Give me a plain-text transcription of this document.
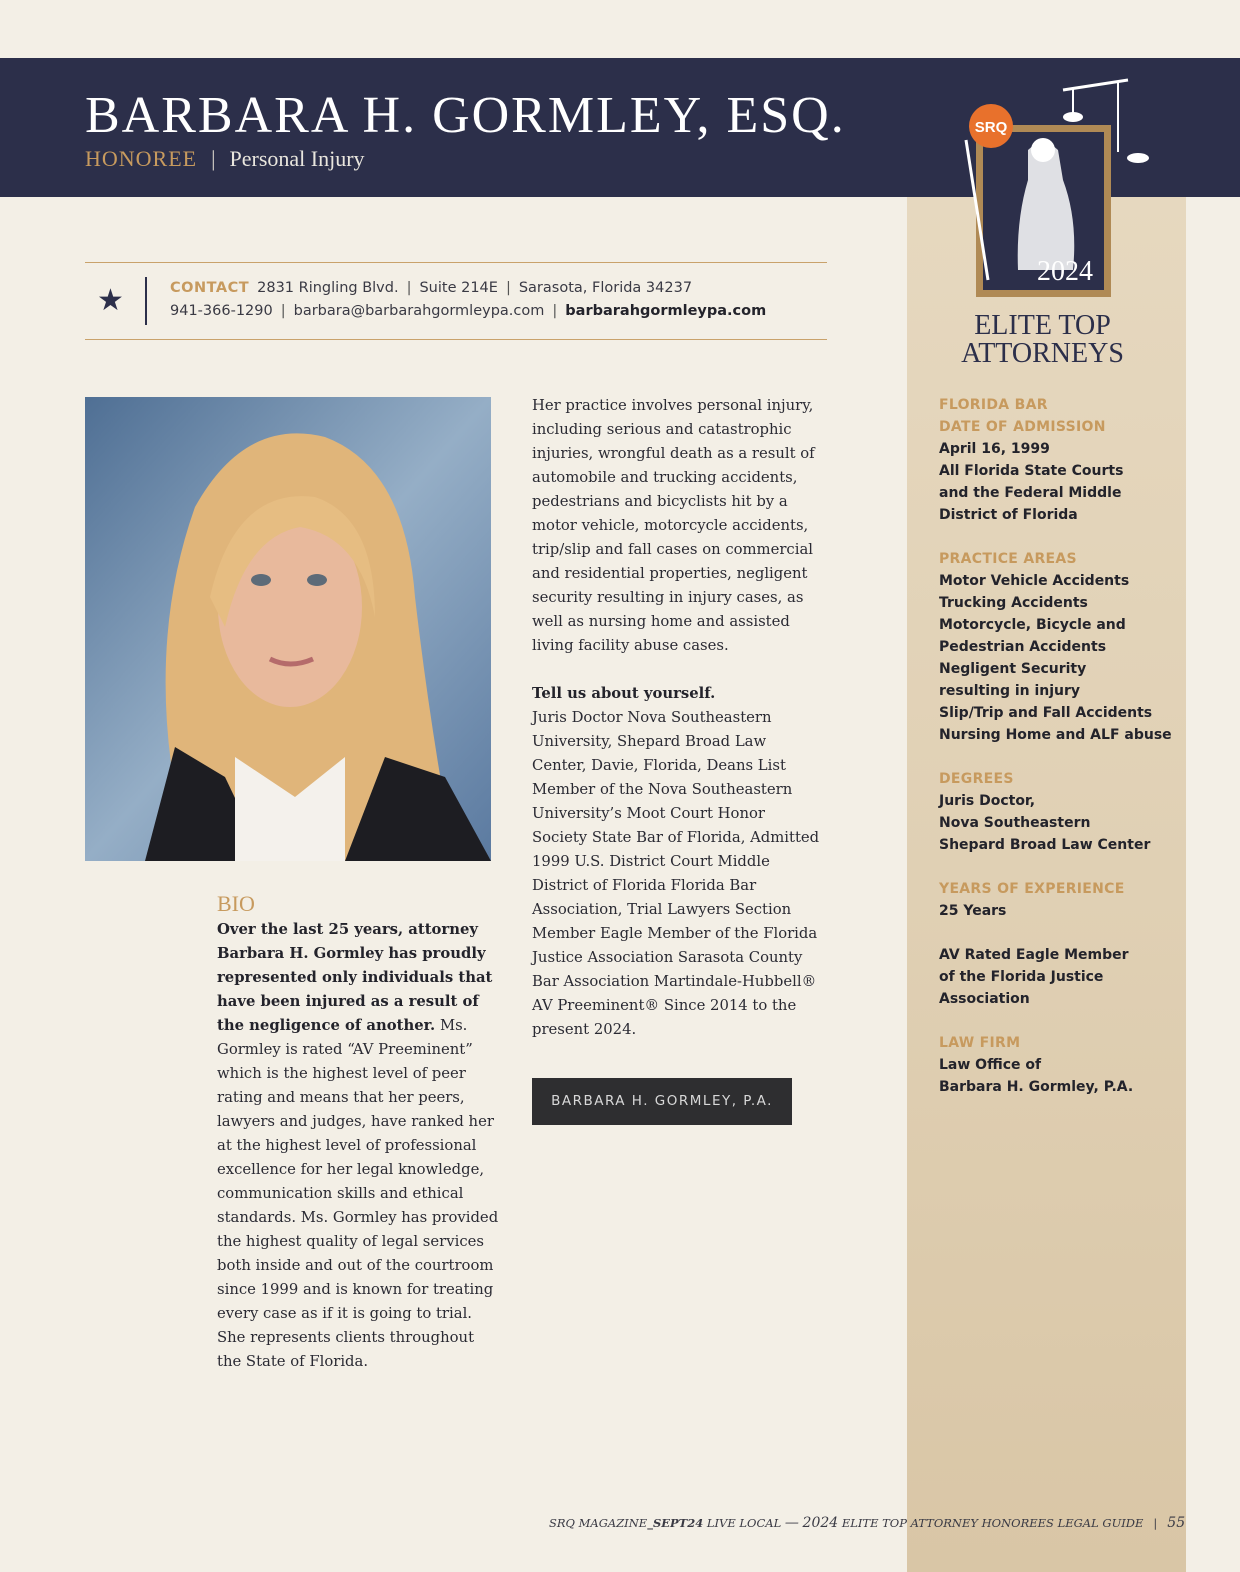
BARBARA H. GORMLEY, ESQ.
HONOREE | Personal Injury
SRQ
2024
ELITE TOP
ATTORNEYS
★	CONTACT 2831 Ringling Blvd. | Suite 214E | Sarasota, Florida 34237
941-366-1290 | barbara@barbarahgormleypa.com | barbarahgormleypa.com
BIO
Over the last 25 years, attorney Barbara H. Gormley has proudly represented only individuals that have been injured as a result of the negligence of another. Ms. Gormley is rated “AV Preeminent” which is the highest level of peer rating and means that her peers, lawyers and judges, have ranked her at the highest level of professional excellence for her legal knowledge, communication skills and ethical standards. Ms. Gormley has provided the highest quality of legal services both inside and out of the courtroom since 1999 and is known for treating every case as if it is going to trial. She represents clients throughout the State of Florida.

Her practice involves personal injury, including serious and catastrophic injuries, wrongful death as a result of automobile and trucking accidents, pedestrians and bicyclists hit by a motor vehicle, motorcycle accidents, trip/slip and fall cases on commercial and residential properties, negligent security resulting in injury cases, as well as nursing home and assisted living facility abuse cases.

Tell us about yourself.

Juris Doctor Nova Southeastern University, Shepard Broad Law Center, Davie, Florida, Deans List Member of the Nova Southeastern University’s Moot Court Honor Society State Bar of Florida, Admitted 1999 U.S. District Court Middle District of Florida Florida Bar Association, Trial Lawyers Section Member Eagle Member of the Florida Justice Association Sarasota County Bar Association Martindale-Hubbell® AV Preeminent® Since 2014 to the present 2024.

BARBARA H. GORMLEY, P.A.
FLORIDA BAR
DATE OF ADMISSION
April 16, 1999
All Florida State Courts
and the Federal Middle
District of Florida
PRACTICE AREAS
Motor Vehicle Accidents
Trucking Accidents
Motorcycle, Bicycle and
Pedestrian Accidents
Negligent Security
resulting in injury
Slip/Trip and Fall Accidents
Nursing Home and ALF abuse
DEGREES
Juris Doctor,
Nova Southeastern
Shepard Broad Law Center
YEARS OF EXPERIENCE
25 Years
AV Rated Eagle Member
of the Florida Justice
Association
LAW FIRM
Law Office of
Barbara H. Gormley, P.A.
SRQ MAGAZINE_SEPT24 LIVE LOCAL — 2024 ELITE TOP ATTORNEY HONOREES LEGAL GUIDE | 55
